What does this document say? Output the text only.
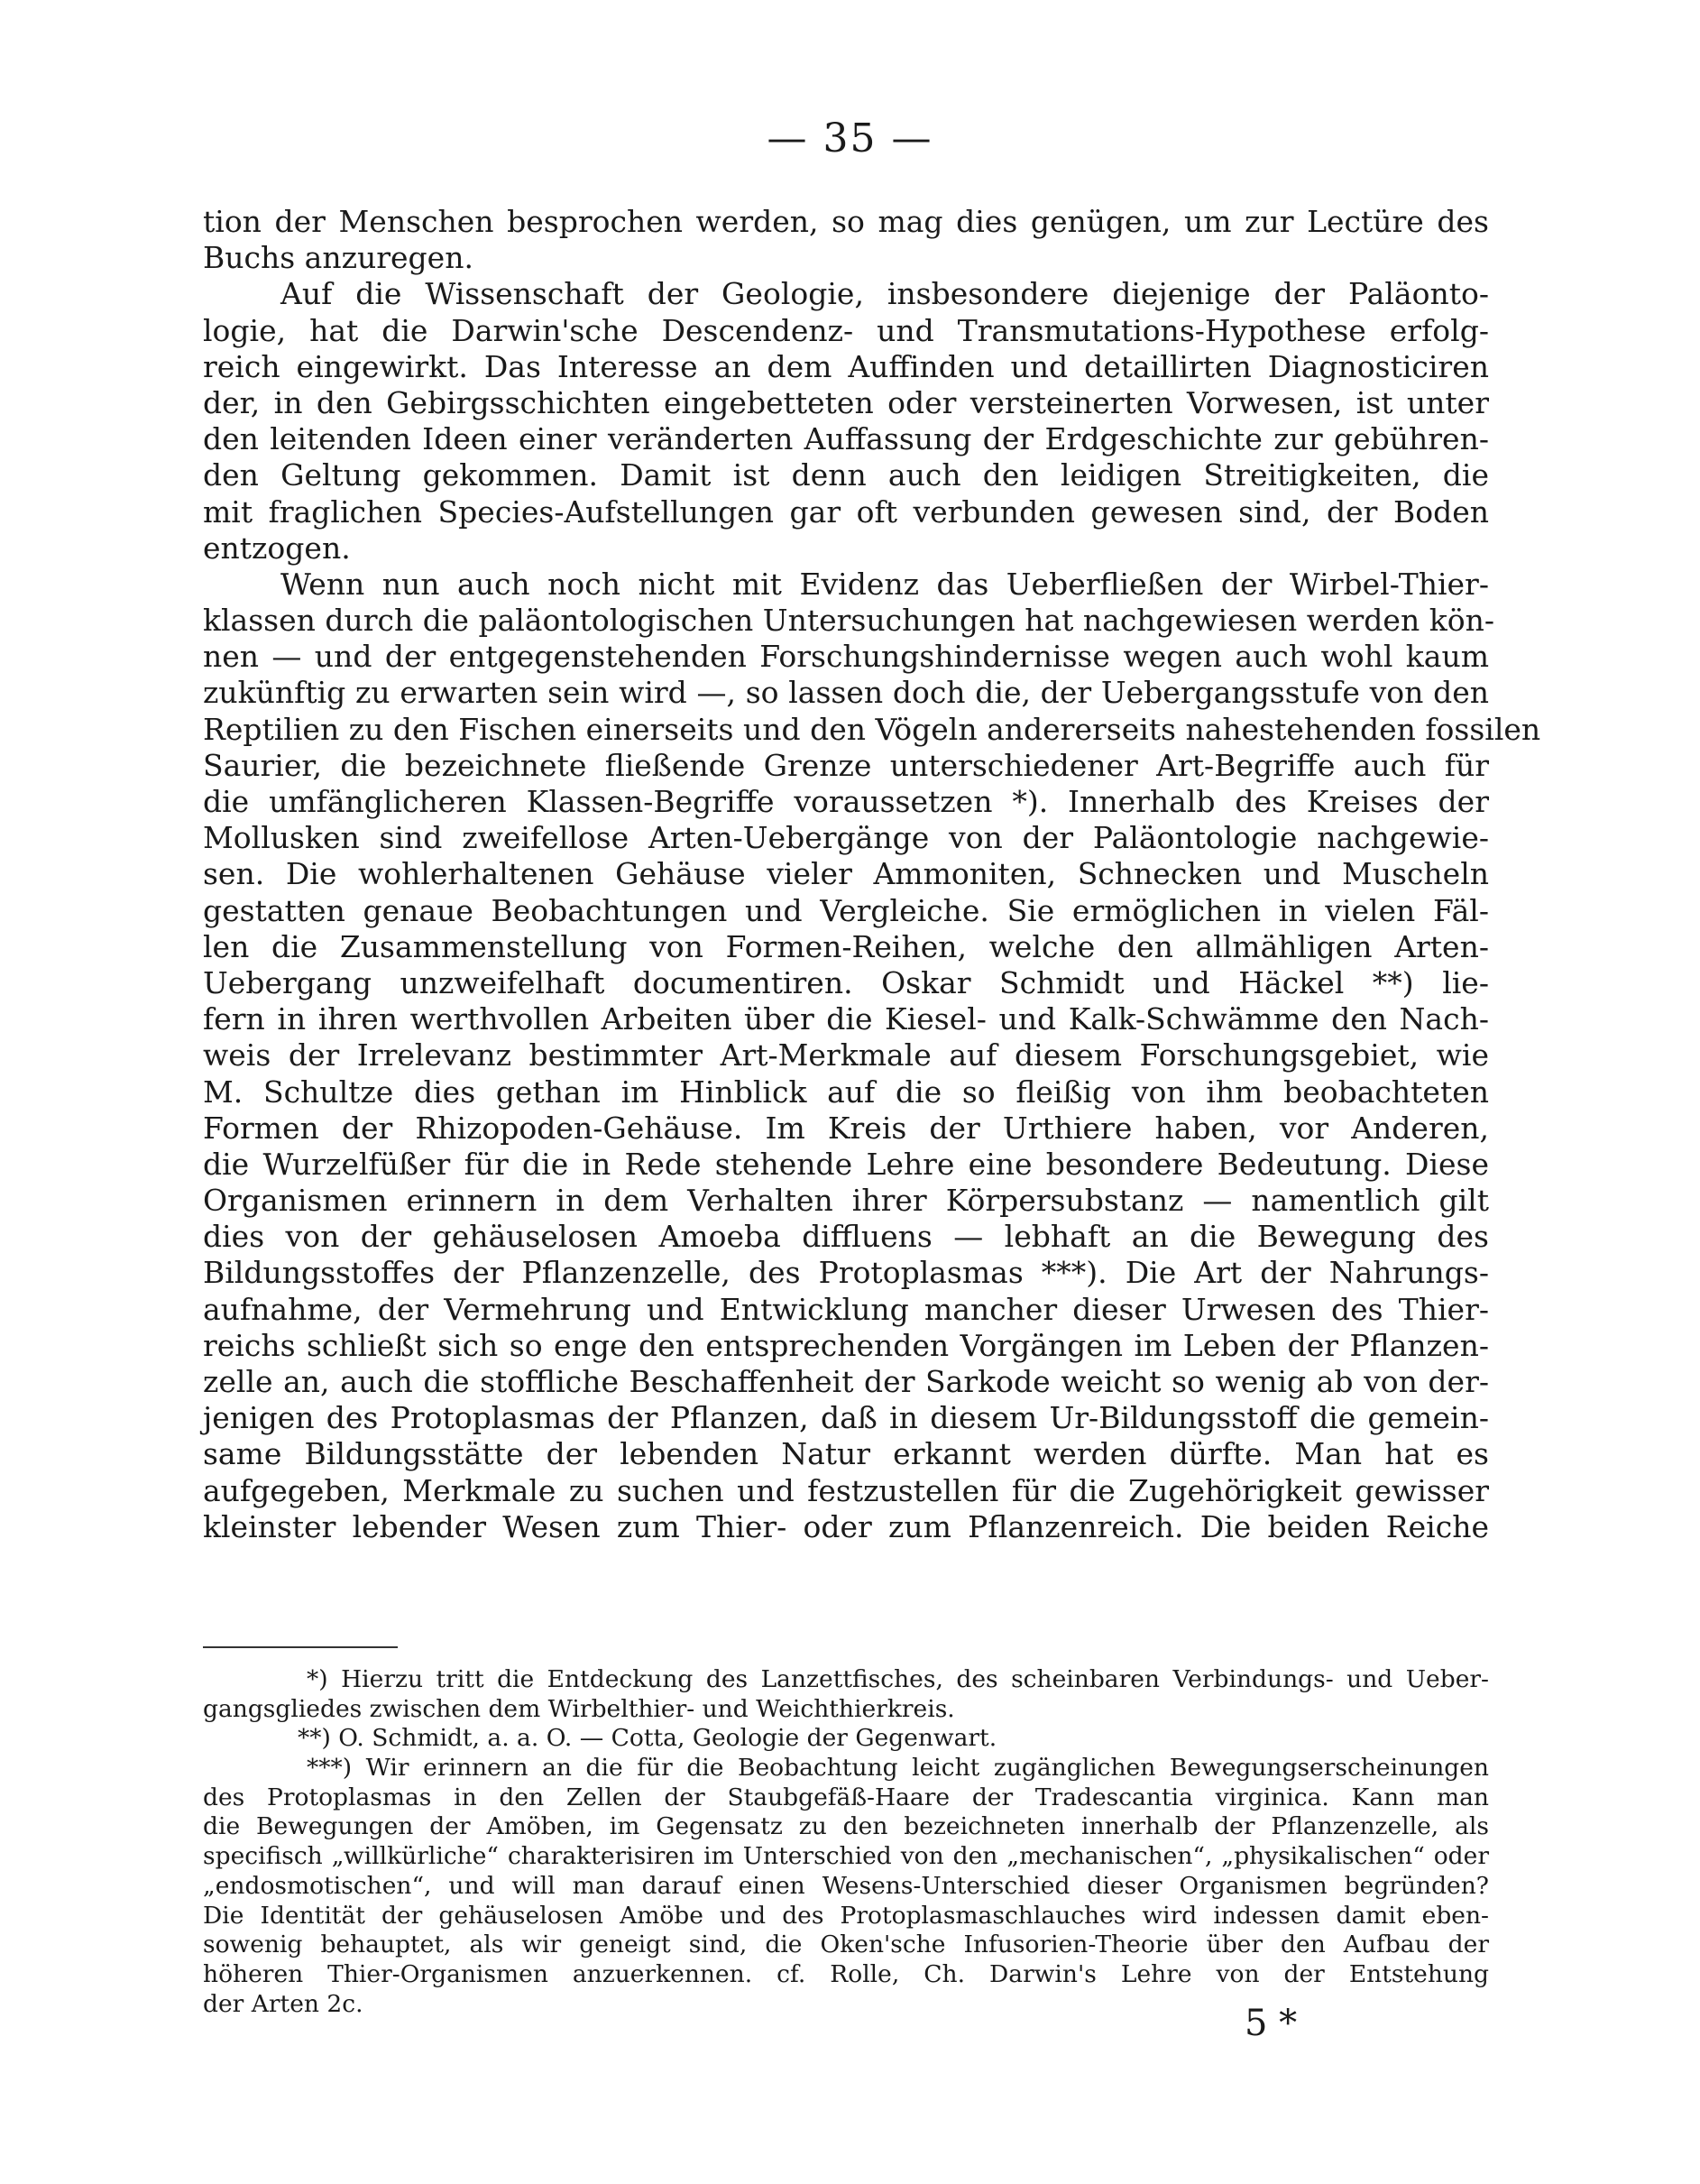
— 35 —
tion der Menschen besprochen werden, so mag dies genügen, um zur Lectüre des
Buchs anzuregen.
Auf die Wissenschaft der Geologie, insbesondere diejenige der Paläonto-
logie, hat die Darwin'sche Descendenz- und Transmutations-Hypothese erfolg-
reich eingewirkt. Das Interesse an dem Auffinden und detaillirten Diagnosticiren
der, in den Gebirgsschichten eingebetteten oder versteinerten Vorwesen, ist unter
den leitenden Ideen einer veränderten Auffassung der Erdgeschichte zur gebühren-
den Geltung gekommen. Damit ist denn auch den leidigen Streitigkeiten, die
mit fraglichen Species-Aufstellungen gar oft verbunden gewesen sind, der Boden
entzogen.
Wenn nun auch noch nicht mit Evidenz das Ueberfließen der Wirbel-Thier-
klassen durch die paläontologischen Untersuchungen hat nachgewiesen werden kön-
nen — und der entgegenstehenden Forschungshindernisse wegen auch wohl kaum
zukünftig zu erwarten sein wird —, so lassen doch die, der Uebergangsstufe von den
Reptilien zu den Fischen einerseits und den Vögeln andererseits nahestehenden fossilen
Saurier, die bezeichnete fließende Grenze unterschiedener Art-Begriffe auch für
die umfänglicheren Klassen-Begriffe voraussetzen *). Innerhalb des Kreises der
Mollusken sind zweifellose Arten-Uebergänge von der Paläontologie nachgewie-
sen. Die wohlerhaltenen Gehäuse vieler Ammoniten, Schnecken und Muscheln
gestatten genaue Beobachtungen und Vergleiche. Sie ermöglichen in vielen Fäl-
len die Zusammenstellung von Formen-Reihen, welche den allmähligen Arten-
Uebergang unzweifelhaft documentiren. Oskar Schmidt und Häckel **) lie-
fern in ihren werthvollen Arbeiten über die Kiesel- und Kalk-Schwämme den Nach-
weis der Irrelevanz bestimmter Art-Merkmale auf diesem Forschungsgebiet, wie
M. Schultze dies gethan im Hinblick auf die so fleißig von ihm beobachteten
Formen der Rhizopoden-Gehäuse. Im Kreis der Urthiere haben, vor Anderen,
die Wurzelfüßer für die in Rede stehende Lehre eine besondere Bedeutung. Diese
Organismen erinnern in dem Verhalten ihrer Körpersubstanz — namentlich gilt
dies von der gehäuselosen Amoeba diffluens — lebhaft an die Bewegung des
Bildungsstoffes der Pflanzenzelle, des Protoplasmas ***). Die Art der Nahrungs-
aufnahme, der Vermehrung und Entwicklung mancher dieser Urwesen des Thier-
reichs schließt sich so enge den entsprechenden Vorgängen im Leben der Pflanzen-
zelle an, auch die stoffliche Beschaffenheit der Sarkode weicht so wenig ab von der-
jenigen des Protoplasmas der Pflanzen, daß in diesem Ur-Bildungsstoff die gemein-
same Bildungsstätte der lebenden Natur erkannt werden dürfte. Man hat es
aufgegeben, Merkmale zu suchen und festzustellen für die Zugehörigkeit gewisser
kleinster lebender Wesen zum Thier- oder zum Pflanzenreich. Die beiden Reiche
*) Hierzu tritt die Entdeckung des Lanzettfisches, des scheinbaren Verbindungs- und Ueber-
gangsgliedes zwischen dem Wirbelthier- und Weichthierkreis.
**) O. Schmidt, a. a. O. — Cotta, Geologie der Gegenwart.
***) Wir erinnern an die für die Beobachtung leicht zugänglichen Bewegungserscheinungen
des Protoplasmas in den Zellen der Staubgefäß-Haare der Tradescantia virginica. Kann man
die Bewegungen der Amöben, im Gegensatz zu den bezeichneten innerhalb der Pflanzenzelle, als
specifisch „willkürliche“ charakterisiren im Unterschied von den „mechanischen“, „physikalischen“ oder
„endosmotischen“, und will man darauf einen Wesens-Unterschied dieser Organismen begründen?
Die Identität der gehäuselosen Amöbe und des Protoplasmaschlauches wird indessen damit eben-
sowenig behauptet, als wir geneigt sind, die Oken'sche Infusorien-Theorie über den Aufbau der
höheren Thier-Organismen anzuerkennen. cf. Rolle, Ch. Darwin's Lehre von der Entstehung
der Arten 2c.	5 *
